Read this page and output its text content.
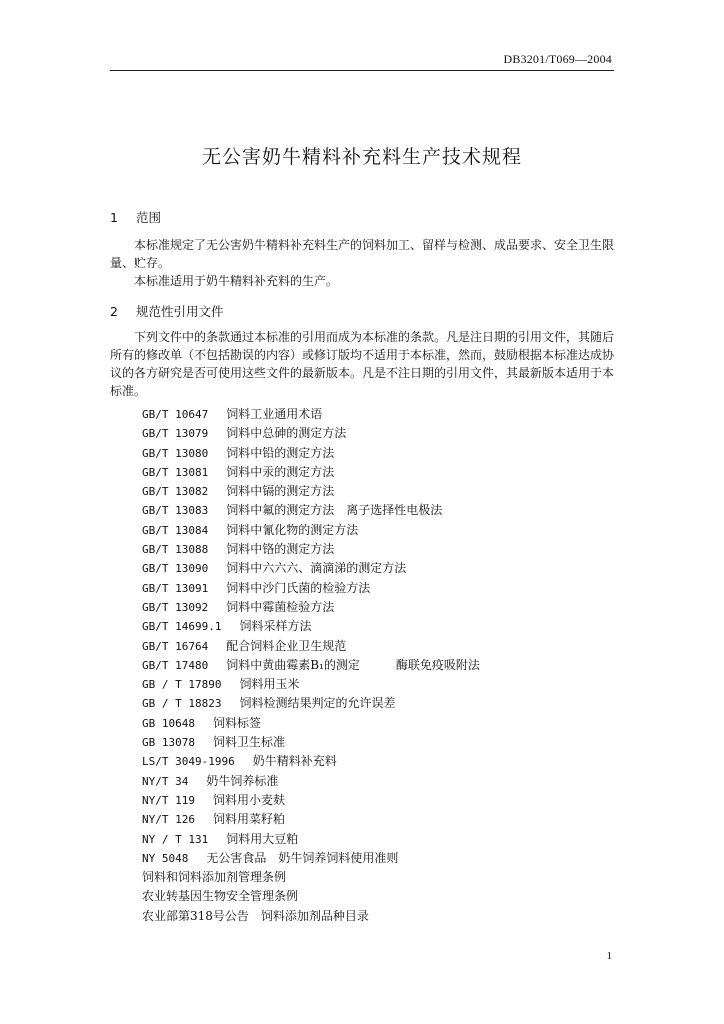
DB3201/T069—2004
无公害奶牛精料补充料生产技术规程
1 范围

本标准规定了无公害奶牛精料补充料生产的饲料加工、留样与检测、成品要求、安全卫生限量、贮存。

本标准适用于奶牛精料补充料的生产。

2 规范性引用文件

下列文件中的条款通过本标准的引用而成为本标准的条款。凡是注日期的引用文件，其随后所有的修改单（不包括勘误的内容）或修订版均不适用于本标准，然而，鼓励根据本标准达成协议的各方研究是否可使用这些文件的最新版本。凡是不注日期的引用文件，其最新版本适用于本标准。

GB/T 10647 饲料工业通用术语
GB/T 13079 饲料中总砷的测定方法
GB/T 13080 饲料中铅的测定方法
GB/T 13081 饲料中汞的测定方法
GB/T 13082 饲料中镉的测定方法
GB/T 13083 饲料中氟的测定方法　离子选择性电极法
GB/T 13084 饲料中氰化物的测定方法
GB/T 13088 饲料中铬的测定方法
GB/T 13090 饲料中六六六、滴滴涕的测定方法
GB/T 13091 饲料中沙门氏菌的检验方法
GB/T 13092 饲料中霉菌检验方法
GB/T 14699.1 饲料采样方法
GB/T 16764 配合饲料企业卫生规范
GB/T 17480 饲料中黄曲霉素B₁的测定　　　酶联免疫吸附法
GB / T 17890 饲料用玉米
GB / T 18823 饲料检测结果判定的允许误差
GB 10648 饲料标签
GB 13078 饲料卫生标准
LS/T 3049-1996 奶牛精料补充料
NY/T 34 奶牛饲养标准
NY/T 119 饲料用小麦麸
NY/T 126 饲料用菜籽粕
NY / T 131 饲料用大豆粕
NY 5048 无公害食品　奶牛饲养饲料使用准则
饲料和饲料添加剂管理条例
农业转基因生物安全管理条例
农业部第318号公告　饲料添加剂品种目录
1
